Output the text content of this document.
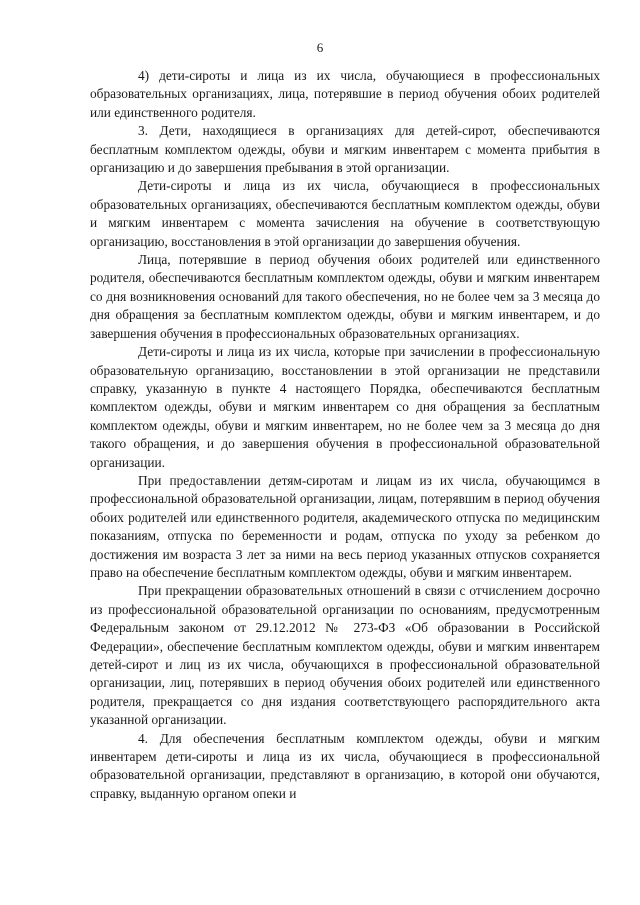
6

4) дети-сироты и лица из их числа, обучающиеся в профессиональных образовательных организациях, лица, потерявшие в период обучения обоих родителей или единственного родителя.

3. Дети, находящиеся в организациях для детей-сирот, обеспечиваются бесплатным комплектом одежды, обуви и мягким инвентарем с момента прибытия в организацию и до завершения пребывания в этой организации.

Дети-сироты и лица из их числа, обучающиеся в профессиональных образовательных организациях, обеспечиваются бесплатным комплектом одежды, обуви и мягким инвентарем с момента зачисления на обучение в соответствующую организацию, восстановления в этой организации до завершения обучения.

Лица, потерявшие в период обучения обоих родителей или единственного родителя, обеспечиваются бесплатным комплектом одежды, обуви и мягким инвентарем со дня возникновения оснований для такого обеспечения, но не более чем за 3 месяца до дня обращения за бесплатным комплектом одежды, обуви и мягким инвентарем, и до завершения обучения в профессиональных образовательных организациях.

Дети-сироты и лица из их числа, которые при зачислении в профессиональную образовательную организацию, восстановлении в этой организации не представили справку, указанную в пункте 4 настоящего Порядка, обеспечиваются бесплатным комплектом одежды, обуви и мягким инвентарем со дня обращения за бесплатным комплектом одежды, обуви и мягким инвентарем, но не более чем за 3 месяца до дня такого обращения, и до завершения обучения в профессиональной образовательной организации.

При предоставлении детям-сиротам и лицам из их числа, обучающимся в профессиональной образовательной организации, лицам, потерявшим в период обучения обоих родителей или единственного родителя, академического отпуска по медицинским показаниям, отпуска по беременности и родам, отпуска по уходу за ребенком до достижения им возраста 3 лет за ними на весь период указанных отпусков сохраняется право на обеспечение бесплатным комплектом одежды, обуви и мягким инвентарем.

При прекращении образовательных отношений в связи с отчислением досрочно из профессиональной образовательной организации по основаниям, предусмотренным Федеральным законом от 29.12.2012 № 273-ФЗ «Об образовании в Российской Федерации», обеспечение бесплатным комплектом одежды, обуви и мягким инвентарем детей-сирот и лиц из их числа, обучающихся в профессиональной образовательной организации, лиц, потерявших в период обучения обоих родителей или единственного родителя, прекращается со дня издания соответствующего распорядительного акта указанной организации.

4. Для обеспечения бесплатным комплектом одежды, обуви и мягким инвентарем дети-сироты и лица из их числа, обучающиеся в профессиональной образовательной организации, представляют в организацию, в которой они обучаются, справку, выданную органом опеки и
